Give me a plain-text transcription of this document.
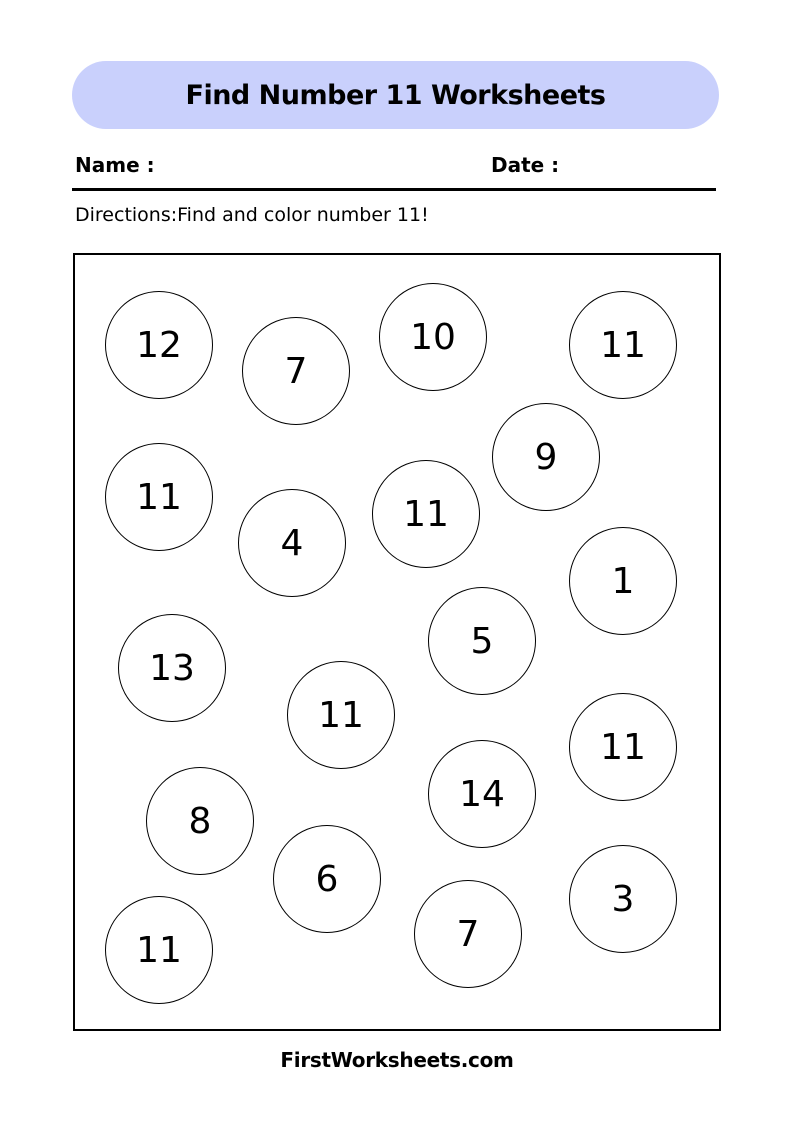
Find Number 11 Worksheets
Name :	Date :
Directions:Find and color number 11!
12
7
10	11
11
9
4
11
1
13
5
11
11
8
14
6	3
11	7
FirstWorksheets.com
